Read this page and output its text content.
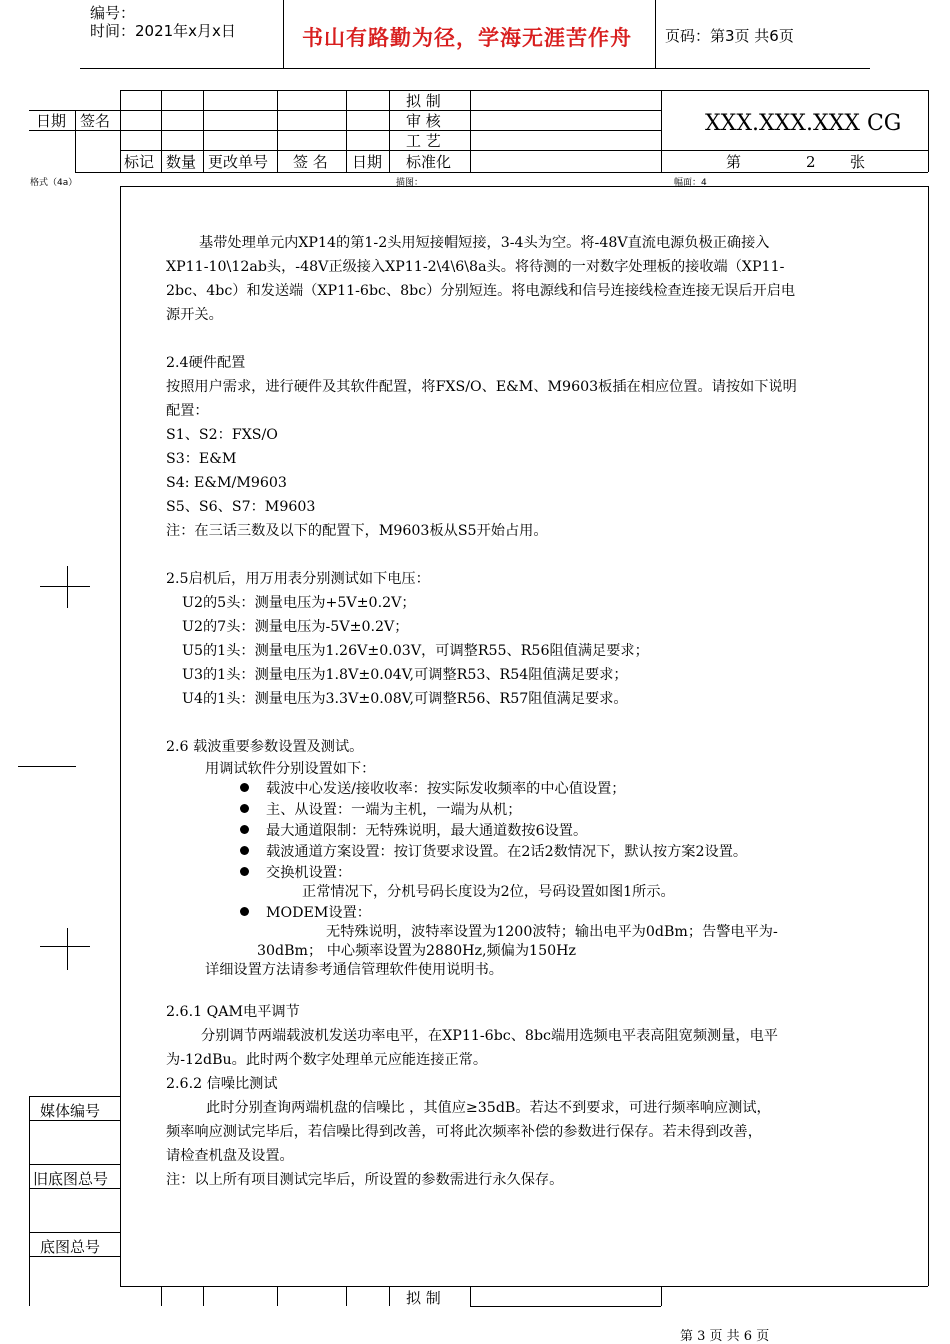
编号：
时间：2021年x月x日	书山有路勤为径，学海无涯苦作舟 页码：第3页 共6页
日期 签名
标记 数量 更改单号 签 名 日期
拟 制
审 核
工 艺
标准化
XXX.XXX.XXX CG
第	2 张
格式（4a）	描图：	幅面：4
媒体编号
旧底图总号
底图总号
基带处理单元内XP14的第1-2头用短接帽短接，3-4头为空。将-48V直流电源负极正确接入
XP11-10\12ab头，-48V正级接入XP11-2\4\6\8a头。将待测的一对数字处理板的接收端（XP11-
2bc、4bc）和发送端（XP11-6bc、8bc）分别短连。将电源线和信号连接线检查连接无误后开启电
源开关。
2.4硬件配置
按照用户需求，进行硬件及其软件配置，将FXS/O、E&M、M9603板插在相应位置。请按如下说明
配置：
S1、S2：FXS/O
S3：E&M
S4: E&M/M9603
S5、S6、S7：M9603
注：在三话三数及以下的配置下，M9603板从S5开始占用。
2.5启机后，用万用表分别测试如下电压：
U2的5头：测量电压为+5V±0.2V；
U2的7头：测量电压为-5V±0.2V；
U5的1头：测量电压为1.26V±0.03V，可调整R55、R56阻值满足要求；
U3的1头：测量电压为1.8V±0.04V,可调整R53、R54阻值满足要求；
U4的1头：测量电压为3.3V±0.08V,可调整R56、R57阻值满足要求。
2.6 载波重要参数设置及测试。
用调试软件分别设置如下：
载波中心发送/接收收率：按实际发收频率的中心值设置；
主、从设置：一端为主机，一端为从机；
最大通道限制：无特殊说明，最大通道数按6设置。
载波通道方案设置：按订货要求设置。在2话2数情况下，默认按方案2设置。
交换机设置：
正常情况下，分机号码长度设为2位，号码设置如图1所示。
MODEM设置：
无特殊说明，波特率设置为1200波特；输出电平为0dBm；告警电平为-
30dBm； 中心频率设置为2880Hz,频偏为150Hz
详细设置方法请参考通信管理软件使用说明书。
2.6.1 QAM电平调节
分别调节两端载波机发送功率电平，在XP11-6bc、8bc端用选频电平表高阻宽频测量，电平
为-12dBu。此时两个数字处理单元应能连接正常。
2.6.2 信噪比测试
此时分别查询两端机盘的信噪比 ，其值应≥35dB。若达不到要求，可进行频率响应测试，
频率响应测试完毕后，若信噪比得到改善，可将此次频率补偿的参数进行保存。若未得到改善，
请检查机盘及设置。
注：以上所有项目测试完毕后，所设置的参数需进行永久保存。
拟 制
第 3 页 共 6 页
